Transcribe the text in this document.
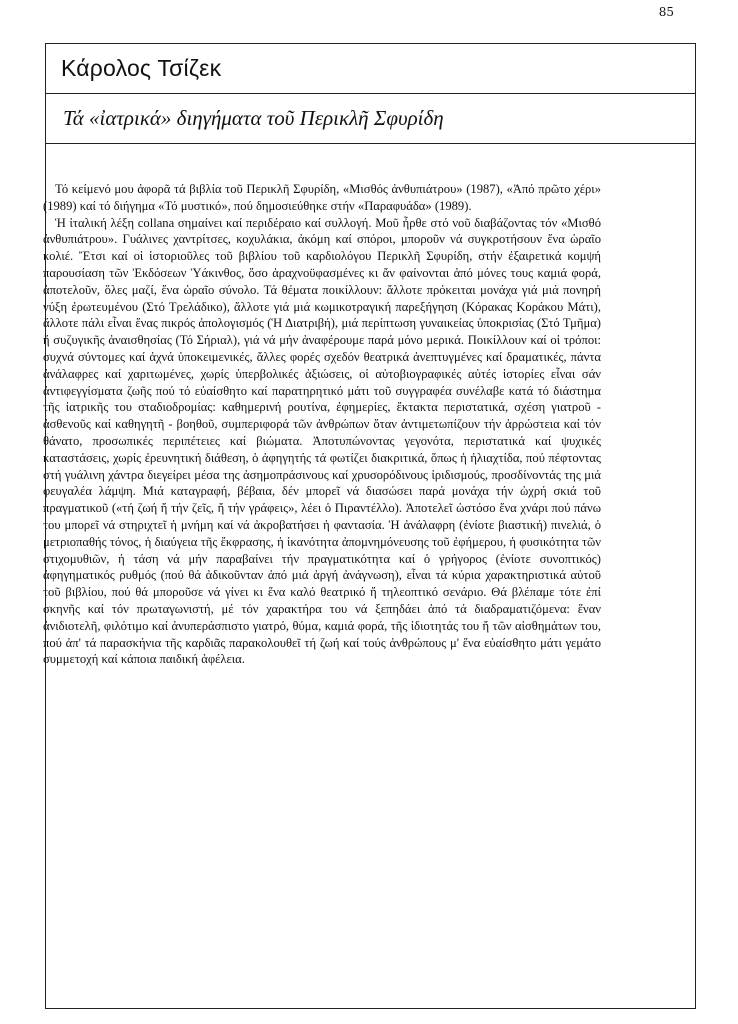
85
Κάρολος Τσίζεκ
Τά «ἰατρικά» διηγήματα τοῦ Περικλῆ Σφυρίδη

Τό κείμενό μου ἀφορᾶ τά βιβλία τοῦ Περικλῆ Σφυρίδη, «Μισθός ἀνθυπιάτρου» (1987), «Ἀπό πρῶτο χέρι» (1989) καί τό διήγημα «Τό μυστικό», πού δημοσιεύθηκε στήν «Παραφυάδα» (1989).

Ἡ ἰταλική λέξη collana σημαίνει καί περιδέραιο καί συλλογή. Μοῦ ἦρθε στό νοῦ διαβάζοντας τόν «Μισθό ἀνθυπιάτρου». Γυάλινες χαντρίτσες, κοχυλάκια, ἀκόμη καί σπόροι, μποροῦν νά συγκροτήσουν ἕνα ὡραῖο κολιέ. Ἔτσι καί οἱ ἱστοριοῦλες τοῦ βιβλίου τοῦ καρδιολόγου Περικλῆ Σφυρίδη, στήν ἐξαιρετικά κομψή παρουσίαση τῶν Ἐκδόσεων Ὑάκινθος, ὅσο ἀραχνοϋφασμένες κι ἄν φαίνονται ἀπό μόνες τους καμιά φορά, ἀποτελοῦν, ὅλες μαζί, ἕνα ὡραῖο σύνολο. Τά θέματα ποικίλλουν: ἄλλοτε πρόκειται μονάχα γιά μιά πονηρή νύξη ἐρωτευμένου (Στό Τρελάδικο), ἄλλοτε γιά μιά κωμικοτραγική παρεξήγηση (Κόρακας Κοράκου Μάτι), ἄλλοτε πάλι εἶναι ἕνας πικρός ἀπολογισμός (Ἡ Διατριβή), μιά περίπτωση γυναικείας ὑποκρισίας (Στό Τμῆμα) ἤ συζυγικῆς ἀναισθησίας (Τό Σήριαλ), γιά νά μήν ἀναφέρουμε παρά μόνο μερικά. Ποικίλλουν καί οἱ τρόποι: συχνά σύντομες καί ἀχνά ὑποκειμενικές, ἄλλες φορές σχεδόν θεατρικά ἀνεπτυγμένες καί δραματικές, πάντα ἀνάλαφρες καί χαριτωμένες, χωρίς ὑπερβολικές ἀξιώσεις, οἱ αὐτοβιογραφικές αὐτές ἱστορίες εἶναι σάν ἀντιφεγγίσματα ζωῆς πού τό εὐαίσθητο καί παρατηρητικό μάτι τοῦ συγγραφέα συνέλαβε κατά τό διάστημα τῆς ἰατρικῆς του σταδιοδρομίας: καθημερινή ρουτίνα, ἐφημερίες, ἔκτακτα περιστατικά, σχέση γιατροῦ - ἀσθενοῦς καί καθηγητῆ - βοηθοῦ, συμπεριφορά τῶν ἀνθρώπων ὅταν ἀντιμετωπίζουν τήν ἀρρώστεια καί τόν θάνατο, προσωπικές περιπέτειες καί βιώματα. Ἀποτυπώνοντας γεγονότα, περιστατικά καί ψυχικές καταστάσεις, χωρίς ἐρευνητική διάθεση, ὁ ἀφηγητής τά φωτίζει διακριτικά, ὅπως ἡ ἠλιαχτίδα, πού πέφτοντας στή γυάλινη χάντρα διεγείρει μέσα της ἀσημοπράσινους καί χρυσορόδινους ἰριδισμούς, προσδίνοντάς της μιά φευγαλέα λάμψη. Μιά καταγραφή, βέβαια, δέν μπορεῖ νά διασώσει παρά μονάχα τήν ὠχρή σκιά τοῦ πραγματικοῦ («τή ζωή ἤ τήν ζεῖς, ἤ τήν γράφεις», λέει ὁ Πιραντέλλο). Ἀποτελεῖ ὡστόσο ἕνα χνάρι πού πάνω του μπορεῖ νά στηριχτεῖ ἡ μνήμη καί νά ἀκροβατήσει ἡ φαντασία. Ἡ ἀνάλαφρη (ἐνίοτε βιαστική) πινελιά, ὁ μετριοπαθής τόνος, ἡ διαύγεια τῆς ἔκφρασης, ἡ ἱκανότητα ἀπομνημόνευσης τοῦ ἐφήμερου, ἡ φυσικότητα τῶν στιχομυθιῶν, ἡ τάση νά μήν παραβαίνει τήν πραγματικότητα καί ὁ γρήγορος (ἐνίοτε συνοπτικός) ἀφηγηματικός ρυθμός (πού θά ἀδικοῦνταν ἀπό μιά ἀργή ἀνάγνωση), εἶναι τά κύρια χαρακτηριστικά αὐτοῦ τοῦ βιβλίου, πού θά μποροῦσε νά γίνει κι ἕνα καλό θεατρικό ἤ τηλεοπτικό σενάριο. Θά βλέπαμε τότε ἐπί σκηνῆς καί τόν πρωταγωνιστή, μέ τόν χαρακτήρα του νά ξεπηδάει ἀπό τά διαδραματιζόμενα: ἕναν ἀνιδιοτελῆ, φιλότιμο καί ἀνυπεράσπιστο γιατρό, θύμα, καμιά φορά, τῆς ἰδιοτητάς του ἤ τῶν αἰσθημάτων του, πού ἀπ' τά παρασκήνια τῆς καρδιᾶς παρακολουθεῖ τή ζωή καί τούς ἀνθρώπους μ' ἕνα εὐαίσθητο μάτι γεμάτο συμμετοχή καί κάποια παιδική ἀφέλεια.
